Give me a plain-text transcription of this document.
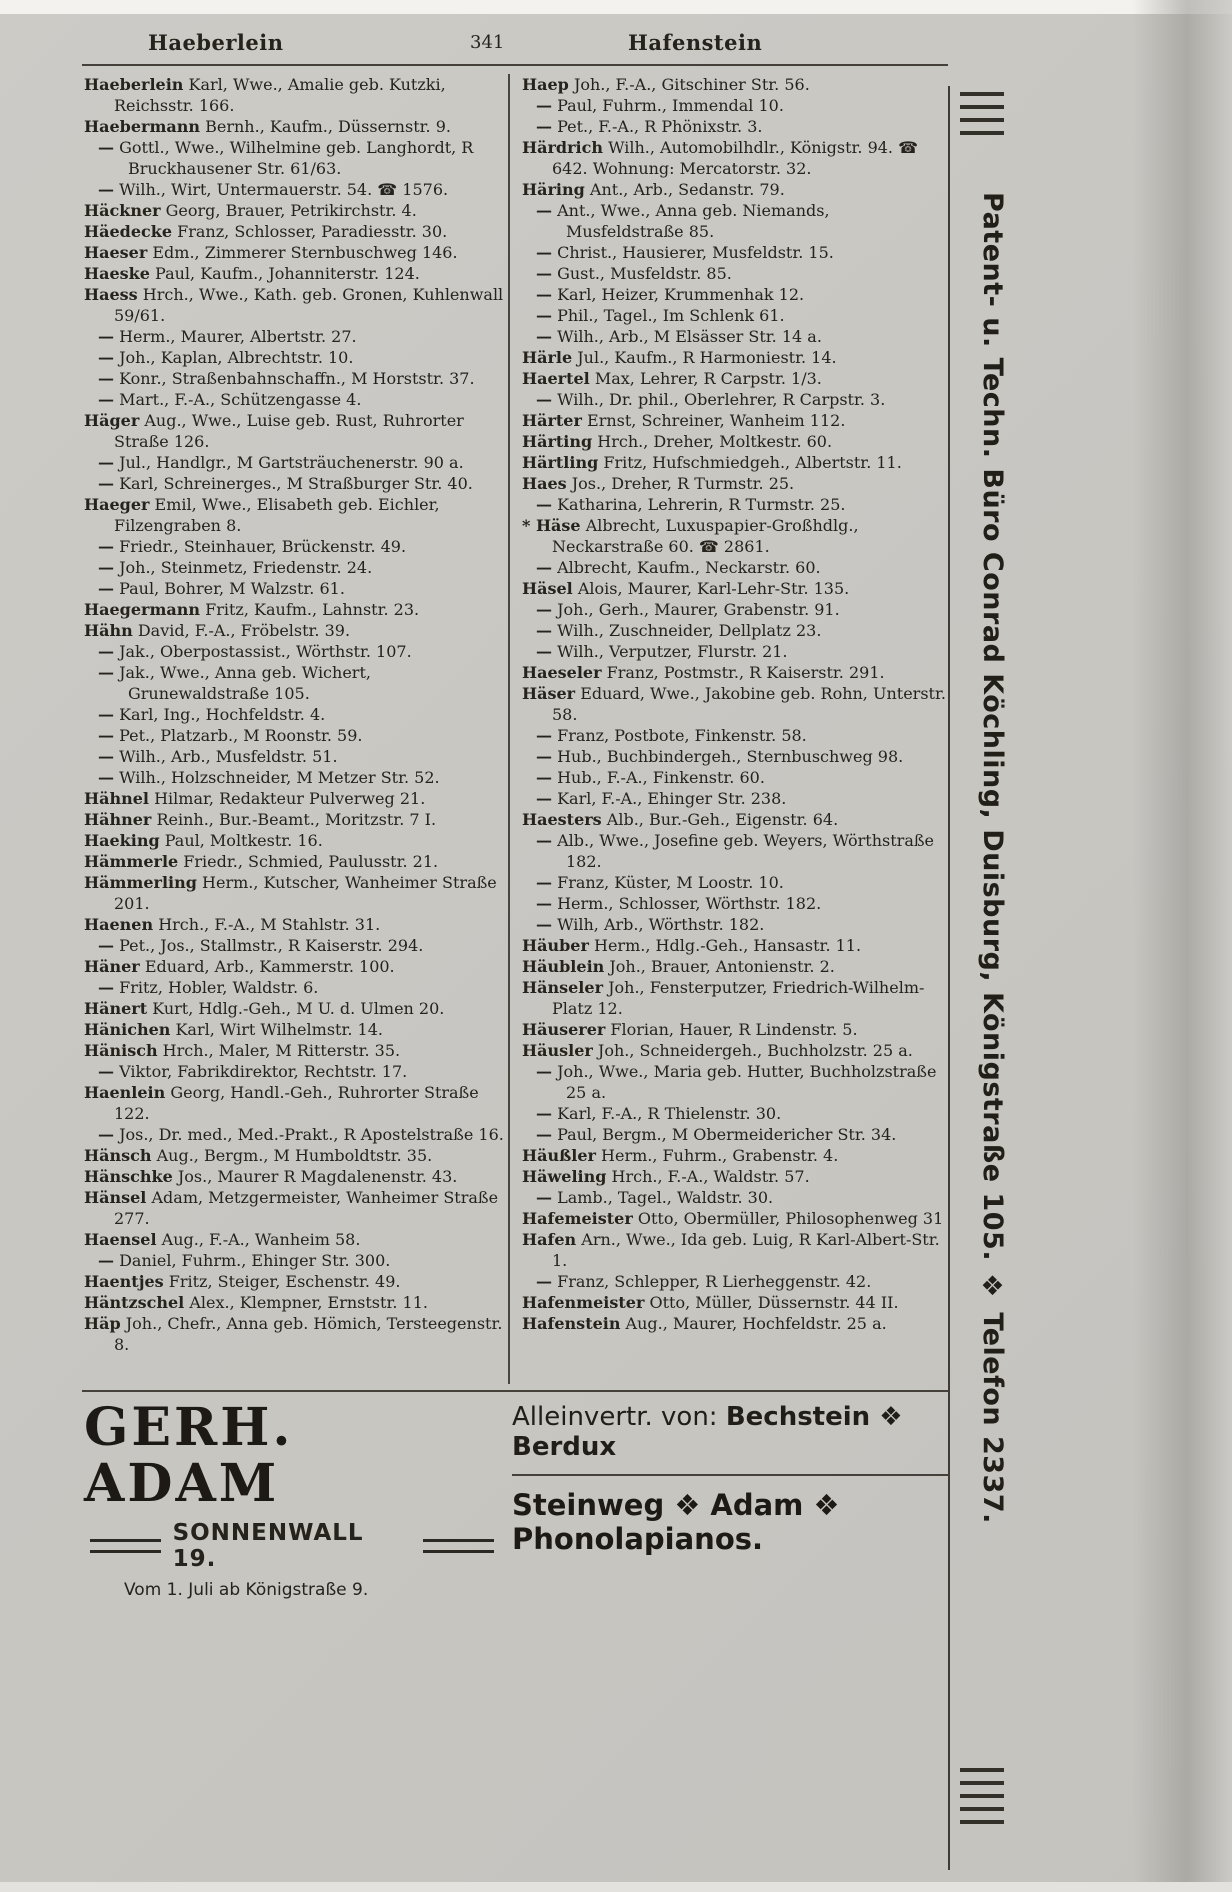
Haeberlein	341	Hafenstein
Haeberlein Karl, Wwe., Amalie geb. Kutzki, Reichsstr. 166.
Haebermann Bernh., Kaufm., Düssernstr. 9.
— Gottl., Wwe., Wilhelmine geb. Langhordt, R Bruckhausener Str. 61/63.
— Wilh., Wirt, Untermauerstr. 54. ☎ 1576.
Häckner Georg, Brauer, Petrikirchstr. 4.
Häedecke Franz, Schlosser, Paradiesstr. 30.
Haeser Edm., Zimmerer Sternbuschweg 146.
Haeske Paul, Kaufm., Johanniterstr. 124.
Haess Hrch., Wwe., Kath. geb. Gronen, Kuhlenwall 59/61.
— Herm., Maurer, Albertstr. 27.
— Joh., Kaplan, Albrechtstr. 10.
— Konr., Straßenbahnschaffn., M Horststr. 37.
— Mart., F.-A., Schützengasse 4.
Häger Aug., Wwe., Luise geb. Rust, Ruhrorter Straße 126.
— Jul., Handlgr., M Gartsträuchenerstr. 90 a.
— Karl, Schreinerges., M Straßburger Str. 40.
Haeger Emil, Wwe., Elisabeth geb. Eichler, Filzengraben 8.
— Friedr., Steinhauer, Brückenstr. 49.
— Joh., Steinmetz, Friedenstr. 24.
— Paul, Bohrer, M Walzstr. 61.
Haegermann Fritz, Kaufm., Lahnstr. 23.
Hähn David, F.-A., Fröbelstr. 39.
— Jak., Oberpostassist., Wörthstr. 107.
— Jak., Wwe., Anna geb. Wichert, Grunewaldstraße 105.
— Karl, Ing., Hochfeldstr. 4.
— Pet., Platzarb., M Roonstr. 59.
— Wilh., Arb., Musfeldstr. 51.
— Wilh., Holzschneider, M Metzer Str. 52.
Hähnel Hilmar, Redakteur Pulverweg 21.
Hähner Reinh., Bur.-Beamt., Moritzstr. 7 I.
Haeking Paul, Moltkestr. 16.
Hämmerle Friedr., Schmied, Paulusstr. 21.
Hämmerling Herm., Kutscher, Wanheimer Straße 201.
Haenen Hrch., F.-A., M Stahlstr. 31.
— Pet., Jos., Stallmstr., R Kaiserstr. 294.
Häner Eduard, Arb., Kammerstr. 100.
— Fritz, Hobler, Waldstr. 6.
Hänert Kurt, Hdlg.-Geh., M U. d. Ulmen 20.
Hänichen Karl, Wirt Wilhelmstr. 14.
Hänisch Hrch., Maler, M Ritterstr. 35.
— Viktor, Fabrikdirektor, Rechtstr. 17.
Haenlein Georg, Handl.-Geh., Ruhrorter Straße 122.
— Jos., Dr. med., Med.-Prakt., R Apostelstraße 16.
Hänsch Aug., Bergm., M Humboldtstr. 35.
Hänschke Jos., Maurer R Magdalenenstr. 43.
Hänsel Adam, Metzgermeister, Wanheimer Straße 277.
Haensel Aug., F.-A., Wanheim 58.
— Daniel, Fuhrm., Ehinger Str. 300.
Haentjes Fritz, Steiger, Eschenstr. 49.
Häntzschel Alex., Klempner, Ernststr. 11.
Häp Joh., Chefr., Anna geb. Hömich, Tersteegenstr. 8.
Haep Joh., F.-A., Gitschiner Str. 56.
— Paul, Fuhrm., Immendal 10.
— Pet., F.-A., R Phönixstr. 3.
Härdrich Wilh., Automobilhdlr., Königstr. 94. ☎ 642. Wohnung: Mercatorstr. 32.
Häring Ant., Arb., Sedanstr. 79.
— Ant., Wwe., Anna geb. Niemands, Musfeldstraße 85.
— Christ., Hausierer, Musfeldstr. 15.
— Gust., Musfeldstr. 85.
— Karl, Heizer, Krummenhak 12.
— Phil., Tagel., Im Schlenk 61.
— Wilh., Arb., M Elsässer Str. 14 a.
Härle Jul., Kaufm., R Harmoniestr. 14.
Haertel Max, Lehrer, R Carpstr. 1/3.
— Wilh., Dr. phil., Oberlehrer, R Carpstr. 3.
Härter Ernst, Schreiner, Wanheim 112.
Härting Hrch., Dreher, Moltkestr. 60.
Härtling Fritz, Hufschmiedgeh., Albertstr. 11.
Haes Jos., Dreher, R Turmstr. 25.
— Katharina, Lehrerin, R Turmstr. 25.
* Häse Albrecht, Luxuspapier-Großhdlg., Neckarstraße 60. ☎ 2861.
— Albrecht, Kaufm., Neckarstr. 60.
Häsel Alois, Maurer, Karl-Lehr-Str. 135.
— Joh., Gerh., Maurer, Grabenstr. 91.
— Wilh., Zuschneider, Dellplatz 23.
— Wilh., Verputzer, Flurstr. 21.
Haeseler Franz, Postmstr., R Kaiserstr. 291.
Häser Eduard, Wwe., Jakobine geb. Rohn, Unterstr. 58.
— Franz, Postbote, Finkenstr. 58.
— Hub., Buchbindergeh., Sternbuschweg 98.
— Hub., F.-A., Finkenstr. 60.
— Karl, F.-A., Ehinger Str. 238.
Haesters Alb., Bur.-Geh., Eigenstr. 64.
— Alb., Wwe., Josefine geb. Weyers, Wörthstraße 182.
— Franz, Küster, M Loostr. 10.
— Herm., Schlosser, Wörthstr. 182.
— Wilh, Arb., Wörthstr. 182.
Häuber Herm., Hdlg.-Geh., Hansastr. 11.
Häublein Joh., Brauer, Antonienstr. 2.
Hänseler Joh., Fensterputzer, Friedrich-Wilhelm-Platz 12.
Häuserer Florian, Hauer, R Lindenstr. 5.
Häusler Joh., Schneidergeh., Buchholzstr. 25 a.
— Joh., Wwe., Maria geb. Hutter, Buchholzstraße 25 a.
— Karl, F.-A., R Thielenstr. 30.
— Paul, Bergm., M Obermeidericher Str. 34.
Häußler Herm., Fuhrm., Grabenstr. 4.
Häweling Hrch., F.-A., Waldstr. 57.
— Lamb., Tagel., Waldstr. 30.
Hafemeister Otto, Obermüller, Philosophenweg 31
Hafen Arn., Wwe., Ida geb. Luig, R Karl-Albert-Str. 1.
— Franz, Schlepper, R Lierheggenstr. 42.
Hafenmeister Otto, Müller, Düssernstr. 44 II.
Hafenstein Aug., Maurer, Hochfeldstr. 25 a.
GERH. ADAM
SONNENWALL 19.
Vom 1. Juli ab Königstraße 9.
Alleinvertr. von: Bechstein ❖ Berdux
Steinweg ❖ Adam ❖ Phonolapianos.
Patent- u. Techn. Büro Conrad Köchling, Duisburg, Königstraße 105. ❖ Telefon 2337.
